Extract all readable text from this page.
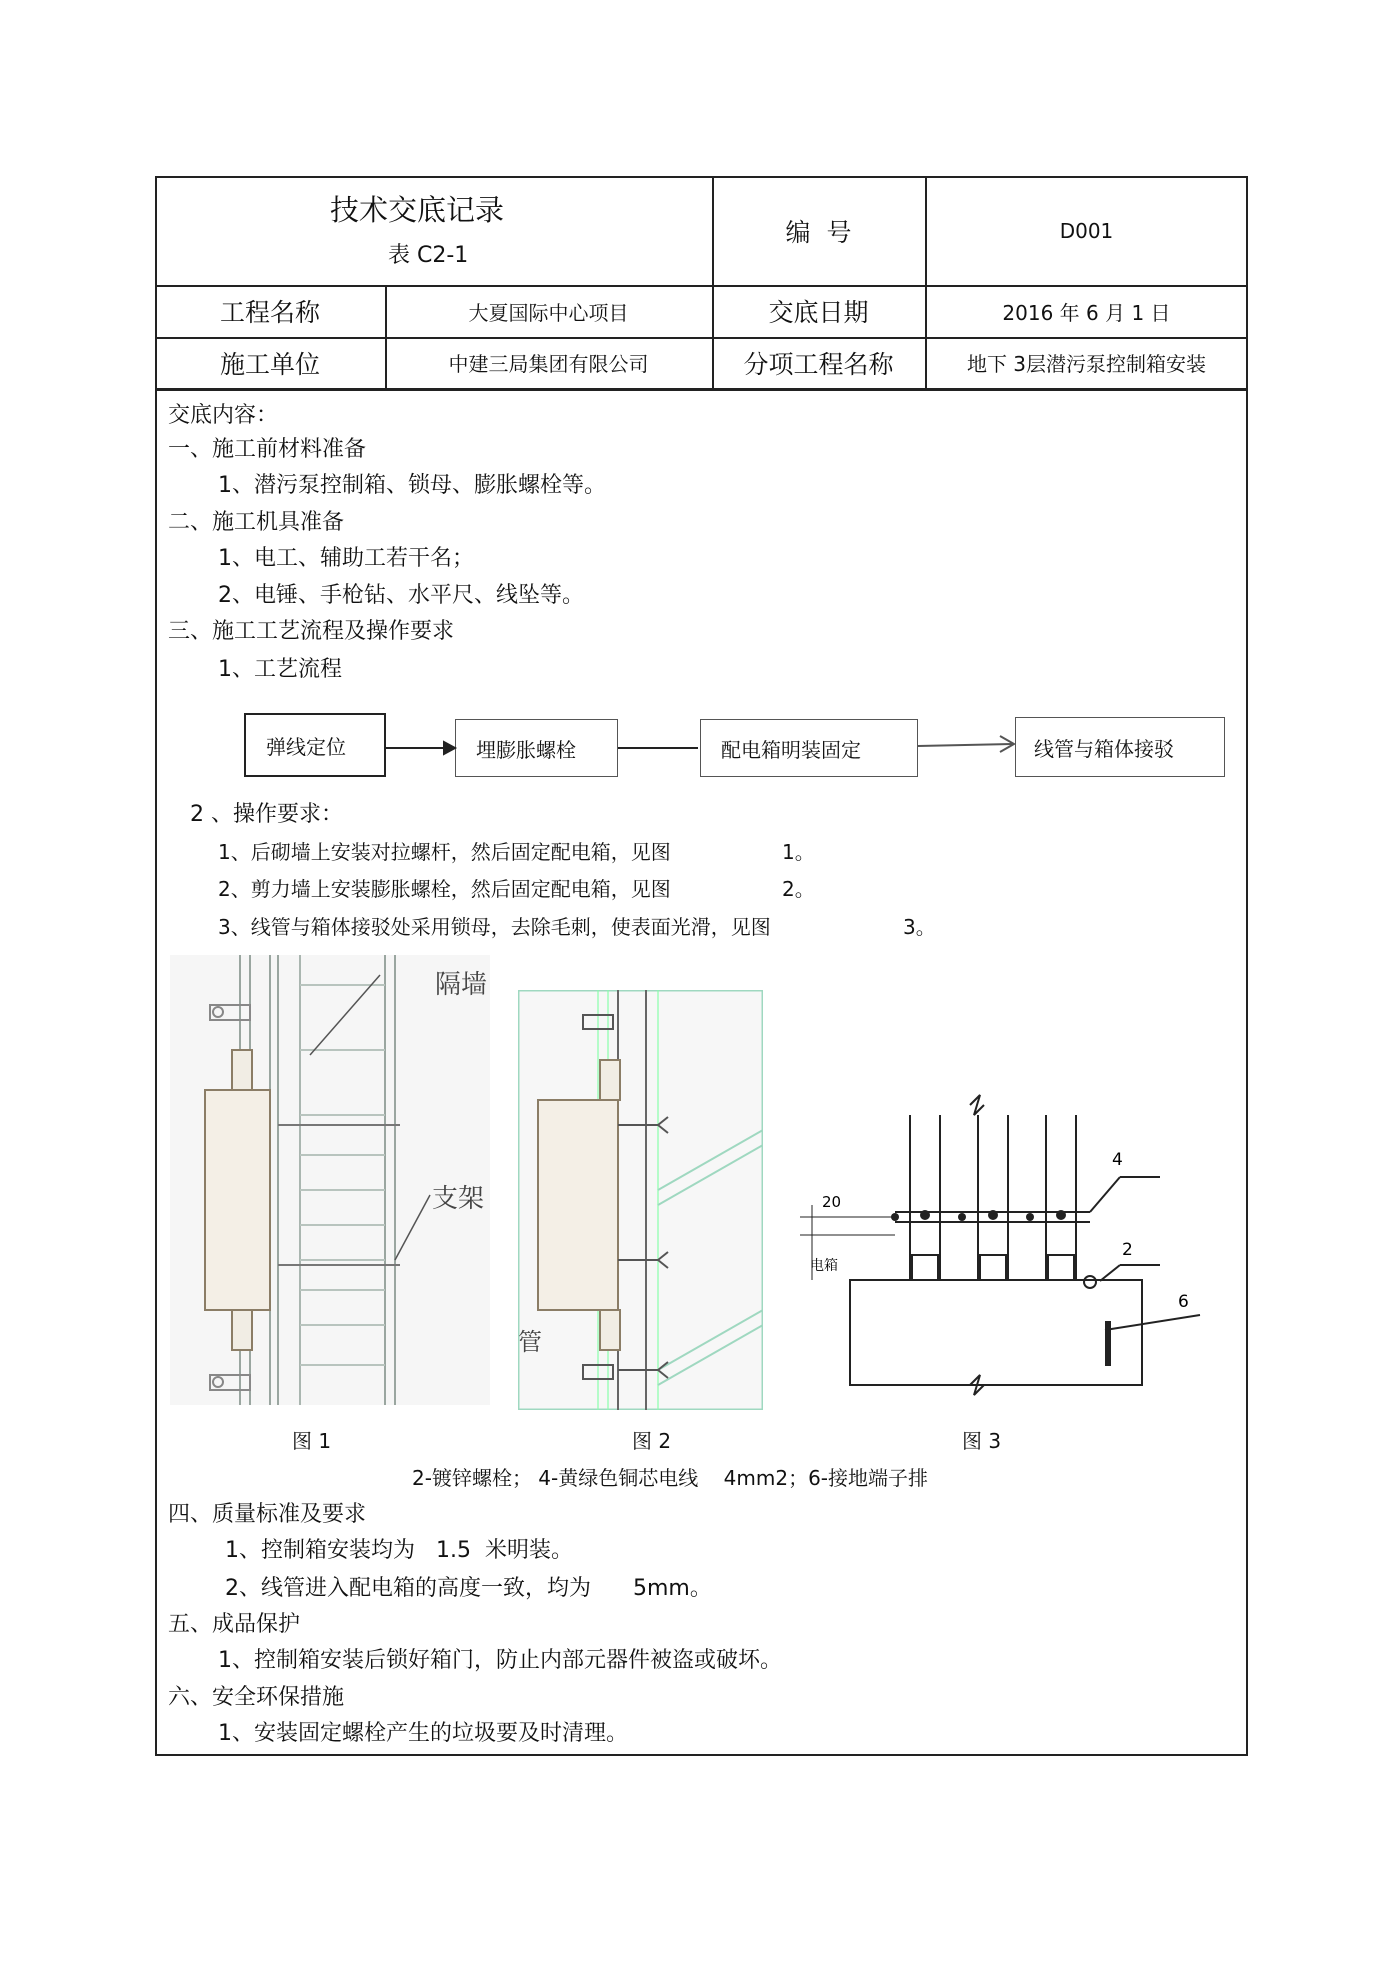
技术交底记录
表 C2-1
编  号	D001
工程名称	大夏国际中心项目	交底日期	2016 年 6 月 1 日
施工单位	中建三局集团有限公司	分项工程名称	地下 3层潜污泵控制箱安装
交底内容：
一、施工前材料准备
1、潜污泵控制箱、锁母、膨胀螺栓等。
二、施工机具准备
1、电工、辅助工若干名；
2、电锤、手枪钻、水平尺、线坠等。
三、施工工艺流程及操作要求
1、工艺流程
弹线定位	埋膨胀螺栓	配电箱明装固定	线管与箱体接驳
2 、操作要求：
1、后砌墙上安装对拉螺杆，然后固定配电箱，见图	1。
2、剪力墙上安装膨胀螺栓，然后固定配电箱，见图	2。
3、线管与箱体接驳处采用锁母，去除毛刺，使表面光滑，见图	3。
隔墙
支架
管
20
电箱
4
2
6
图 1	图 2	图 3
2-镀锌螺栓； 4-黄绿色铜芯电线    4mm2；6-接地端子排
四、质量标准及要求
1、控制箱安装均为   1.5  米明装。
2、线管进入配电箱的高度一致，均为      5mm。
五、成品保护
1、控制箱安装后锁好箱门，防止内部元器件被盗或破坏。
六、安全环保措施
1、安装固定螺栓产生的垃圾要及时清理。
